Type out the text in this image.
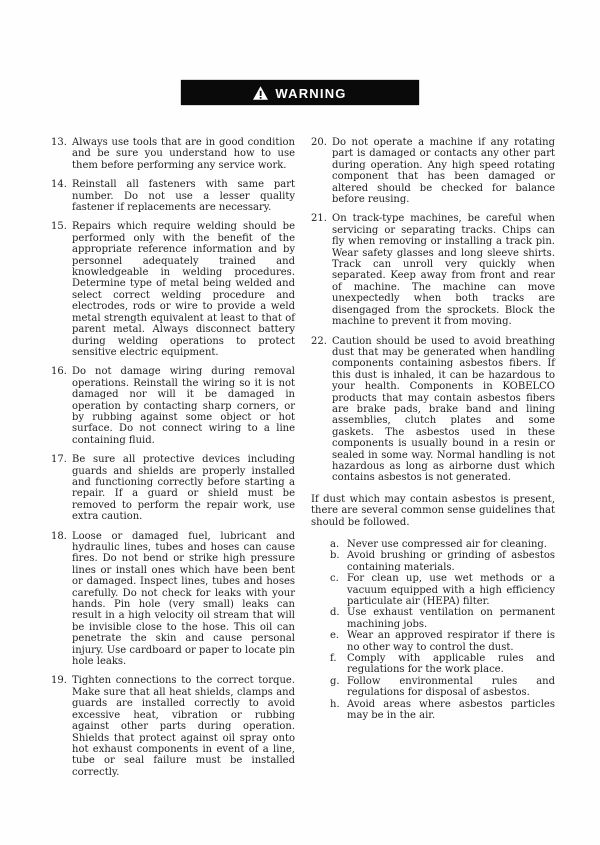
WARNING
13. Always use tools that are in good condition and be sure you understand how to use them before performing any service work.
14. Reinstall all fasteners with same part number. Do not use a lesser quality fastener if replacements are necessary.
15. Repairs which require welding should be performed only with the benefit of the appropriate reference information and by personnel adequately trained and knowledgeable in welding procedures. Determine type of metal being welded and select correct welding procedure and electrodes, rods or wire to provide a weld metal strength equivalent at least to that of parent metal. Always disconnect battery during welding operations to protect sensitive electric equipment.
16. Do not damage wiring during removal operations. Reinstall the wiring so it is not damaged nor will it be damaged in operation by contacting sharp corners, or by rubbing against some object or hot surface. Do not connect wiring to a line containing fluid.
17. Be sure all protective devices including guards and shields are properly installed and functioning correctly before starting a repair. If a guard or shield must be removed to perform the repair work, use extra caution.
18. Loose or damaged fuel, lubricant and hydraulic lines, tubes and hoses can cause fires. Do not bend or strike high pressure lines or install ones which have been bent or damaged. Inspect lines, tubes and hoses carefully. Do not check for leaks with your hands. Pin hole (very small) leaks can result in a high velocity oil stream that will be invisible close to the hose. This oil can penetrate the skin and cause personal injury. Use cardboard or paper to locate pin hole leaks.
19. Tighten connections to the correct torque. Make sure that all heat shields, clamps and guards are installed correctly to avoid excessive heat, vibration or rubbing against other parts during operation. Shields that protect against oil spray onto hot exhaust components in event of a line, tube or seal failure must be installed correctly.
20. Do not operate a machine if any rotating part is damaged or contacts any other part during operation. Any high speed rotating component that has been damaged or altered should be checked for balance before reusing.
21. On track-type machines, be careful when servicing or separating tracks. Chips can fly when removing or installing a track pin. Wear safety glasses and long sleeve shirts. Track can unroll very quickly when separated. Keep away from front and rear of machine. The machine can move unexpectedly when both tracks are disengaged from the sprockets. Block the machine to prevent it from moving.
22. Caution should be used to avoid breathing dust that may be generated when handling components containing asbestos fibers. If this dust is inhaled, it can be hazardous to your health. Components in KOBELCO products that may contain asbestos fibers are brake pads, brake band and lining assemblies, clutch plates and some gaskets. The asbestos used in these components is usually bound in a resin or sealed in some way. Normal handling is not hazardous as long as airborne dust which contains asbestos is not generated.
If dust which may contain asbestos is present, there are several common sense guidelines that should be followed.
a. Never use compressed air for cleaning.
b. Avoid brushing or grinding of asbestos containing materials.
c. For clean up, use wet methods or a vacuum equipped with a high efficiency particulate air (HEPA) filter.
d. Use exhaust ventilation on permanent machining jobs.
e. Wear an approved respirator if there is no other way to control the dust.
f.	Comply with applicable rules and regulations for the work place.
g. Follow environmental rules and regulations for disposal of asbestos.
h. Avoid areas where asbestos particles may be in the air.
